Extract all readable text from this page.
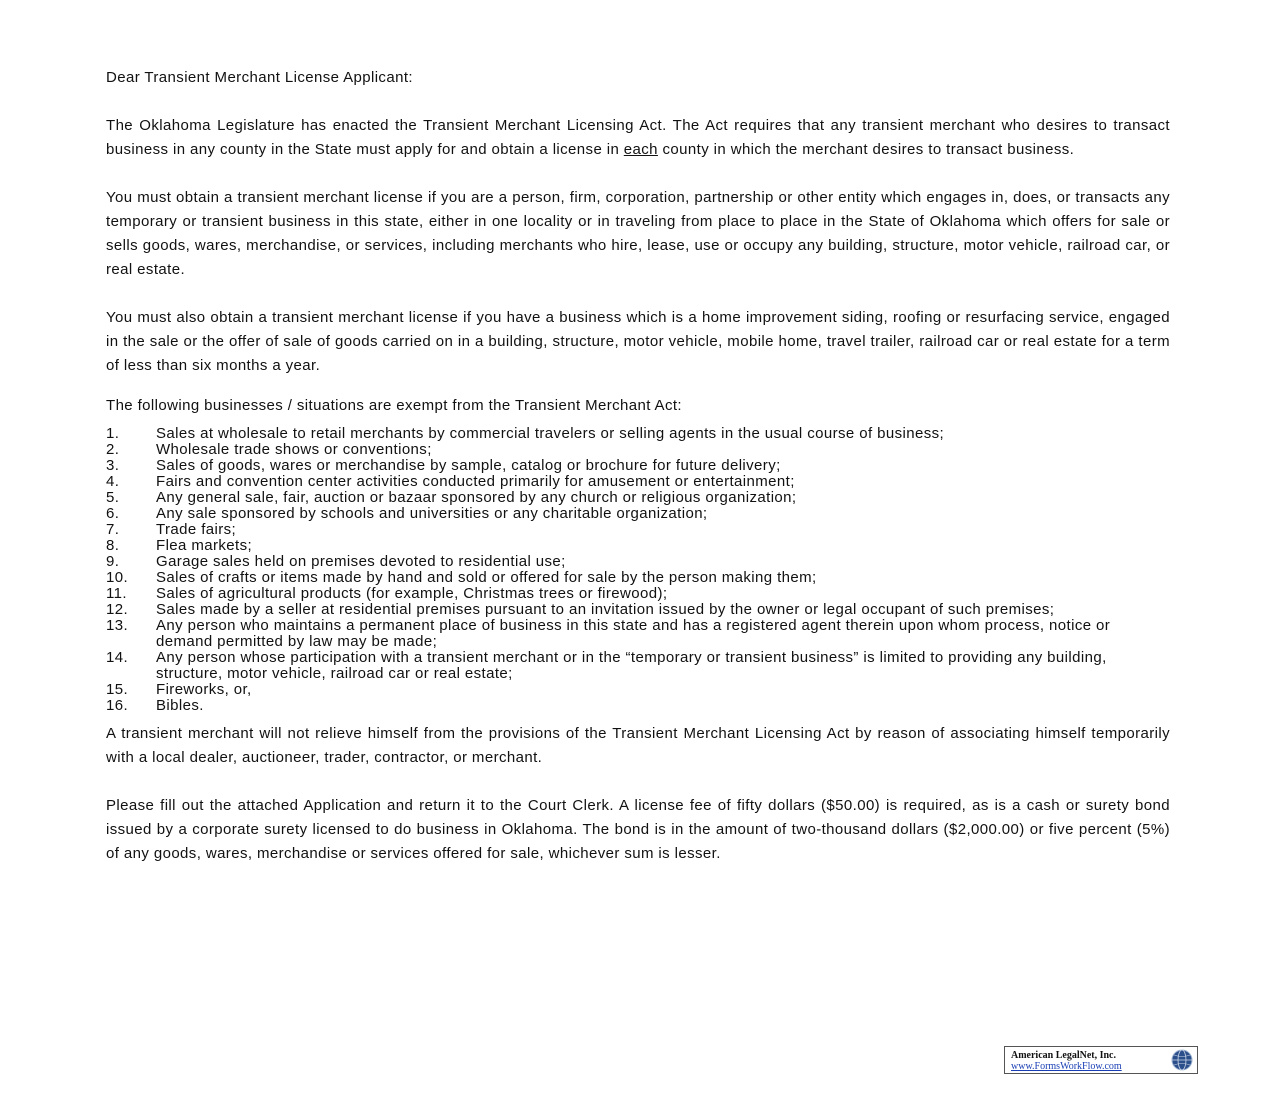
Dear Transient Merchant License Applicant:

The Oklahoma Legislature has enacted the Transient Merchant Licensing Act. The Act requires that any transient merchant who desires to transact business in any county in the State must apply for and obtain a license in each county in which the merchant desires to transact business.

You must obtain a transient merchant license if you are a person, firm, corporation, partnership or other entity which engages in, does, or transacts any temporary or transient business in this state, either in one locality or in traveling from place to place in the State of Oklahoma which offers for sale or sells goods, wares, merchandise, or services, including merchants who hire, lease, use or occupy any building, structure, motor vehicle, railroad car, or real estate.

You must also obtain a transient merchant license if you have a business which is a home improvement siding, roofing or resurfacing service, engaged in the sale or the offer of sale of goods carried on in a building, structure, motor vehicle, mobile home, travel trailer, railroad car or real estate for a term of less than six months a year.

The following businesses / situations are exempt from the Transient Merchant Act:

1.	Sales at wholesale to retail merchants by commercial travelers or selling agents in the usual course of business;
2.	Wholesale trade shows or conventions;
3.	Sales of goods, wares or merchandise by sample, catalog or brochure for future delivery;
4.	Fairs and convention center activities conducted primarily for amusement or entertainment;
5.	Any general sale, fair, auction or bazaar sponsored by any church or religious organization;
6.	Any sale sponsored by schools and universities or any charitable organization;
7.	Trade fairs;
8.	Flea markets;
9.	Garage sales held on premises devoted to residential use;
10.	Sales of crafts or items made by hand and sold or offered for sale by the person making them;
11.	Sales of agricultural products (for example, Christmas trees or firewood);
12.	Sales made by a seller at residential premises pursuant to an invitation issued by the owner or legal occupant of such premises;
13.	Any person who maintains a permanent place of business in this state and has a registered agent therein upon whom process, notice or demand permitted by law may be made;
14.	Any person whose participation with a transient merchant or in the “temporary or transient business” is limited to providing any building, structure, motor vehicle, railroad car or real estate;
15.	Fireworks, or,
16.	Bibles.

A transient merchant will not relieve himself from the provisions of the Transient Merchant Licensing Act by reason of associating himself temporarily with a local dealer, auctioneer, trader, contractor, or merchant.

Please fill out the attached Application and return it to the Court Clerk. A license fee of fifty dollars ($50.00) is required, as is a cash or surety bond issued by a corporate surety licensed to do business in Oklahoma. The bond is in the amount of two-thousand dollars ($2,000.00) or five percent (5%) of any goods, wares, merchandise or services offered for sale, whichever sum is lesser.

American LegalNet, Inc.
www.FormsWorkFlow.com
